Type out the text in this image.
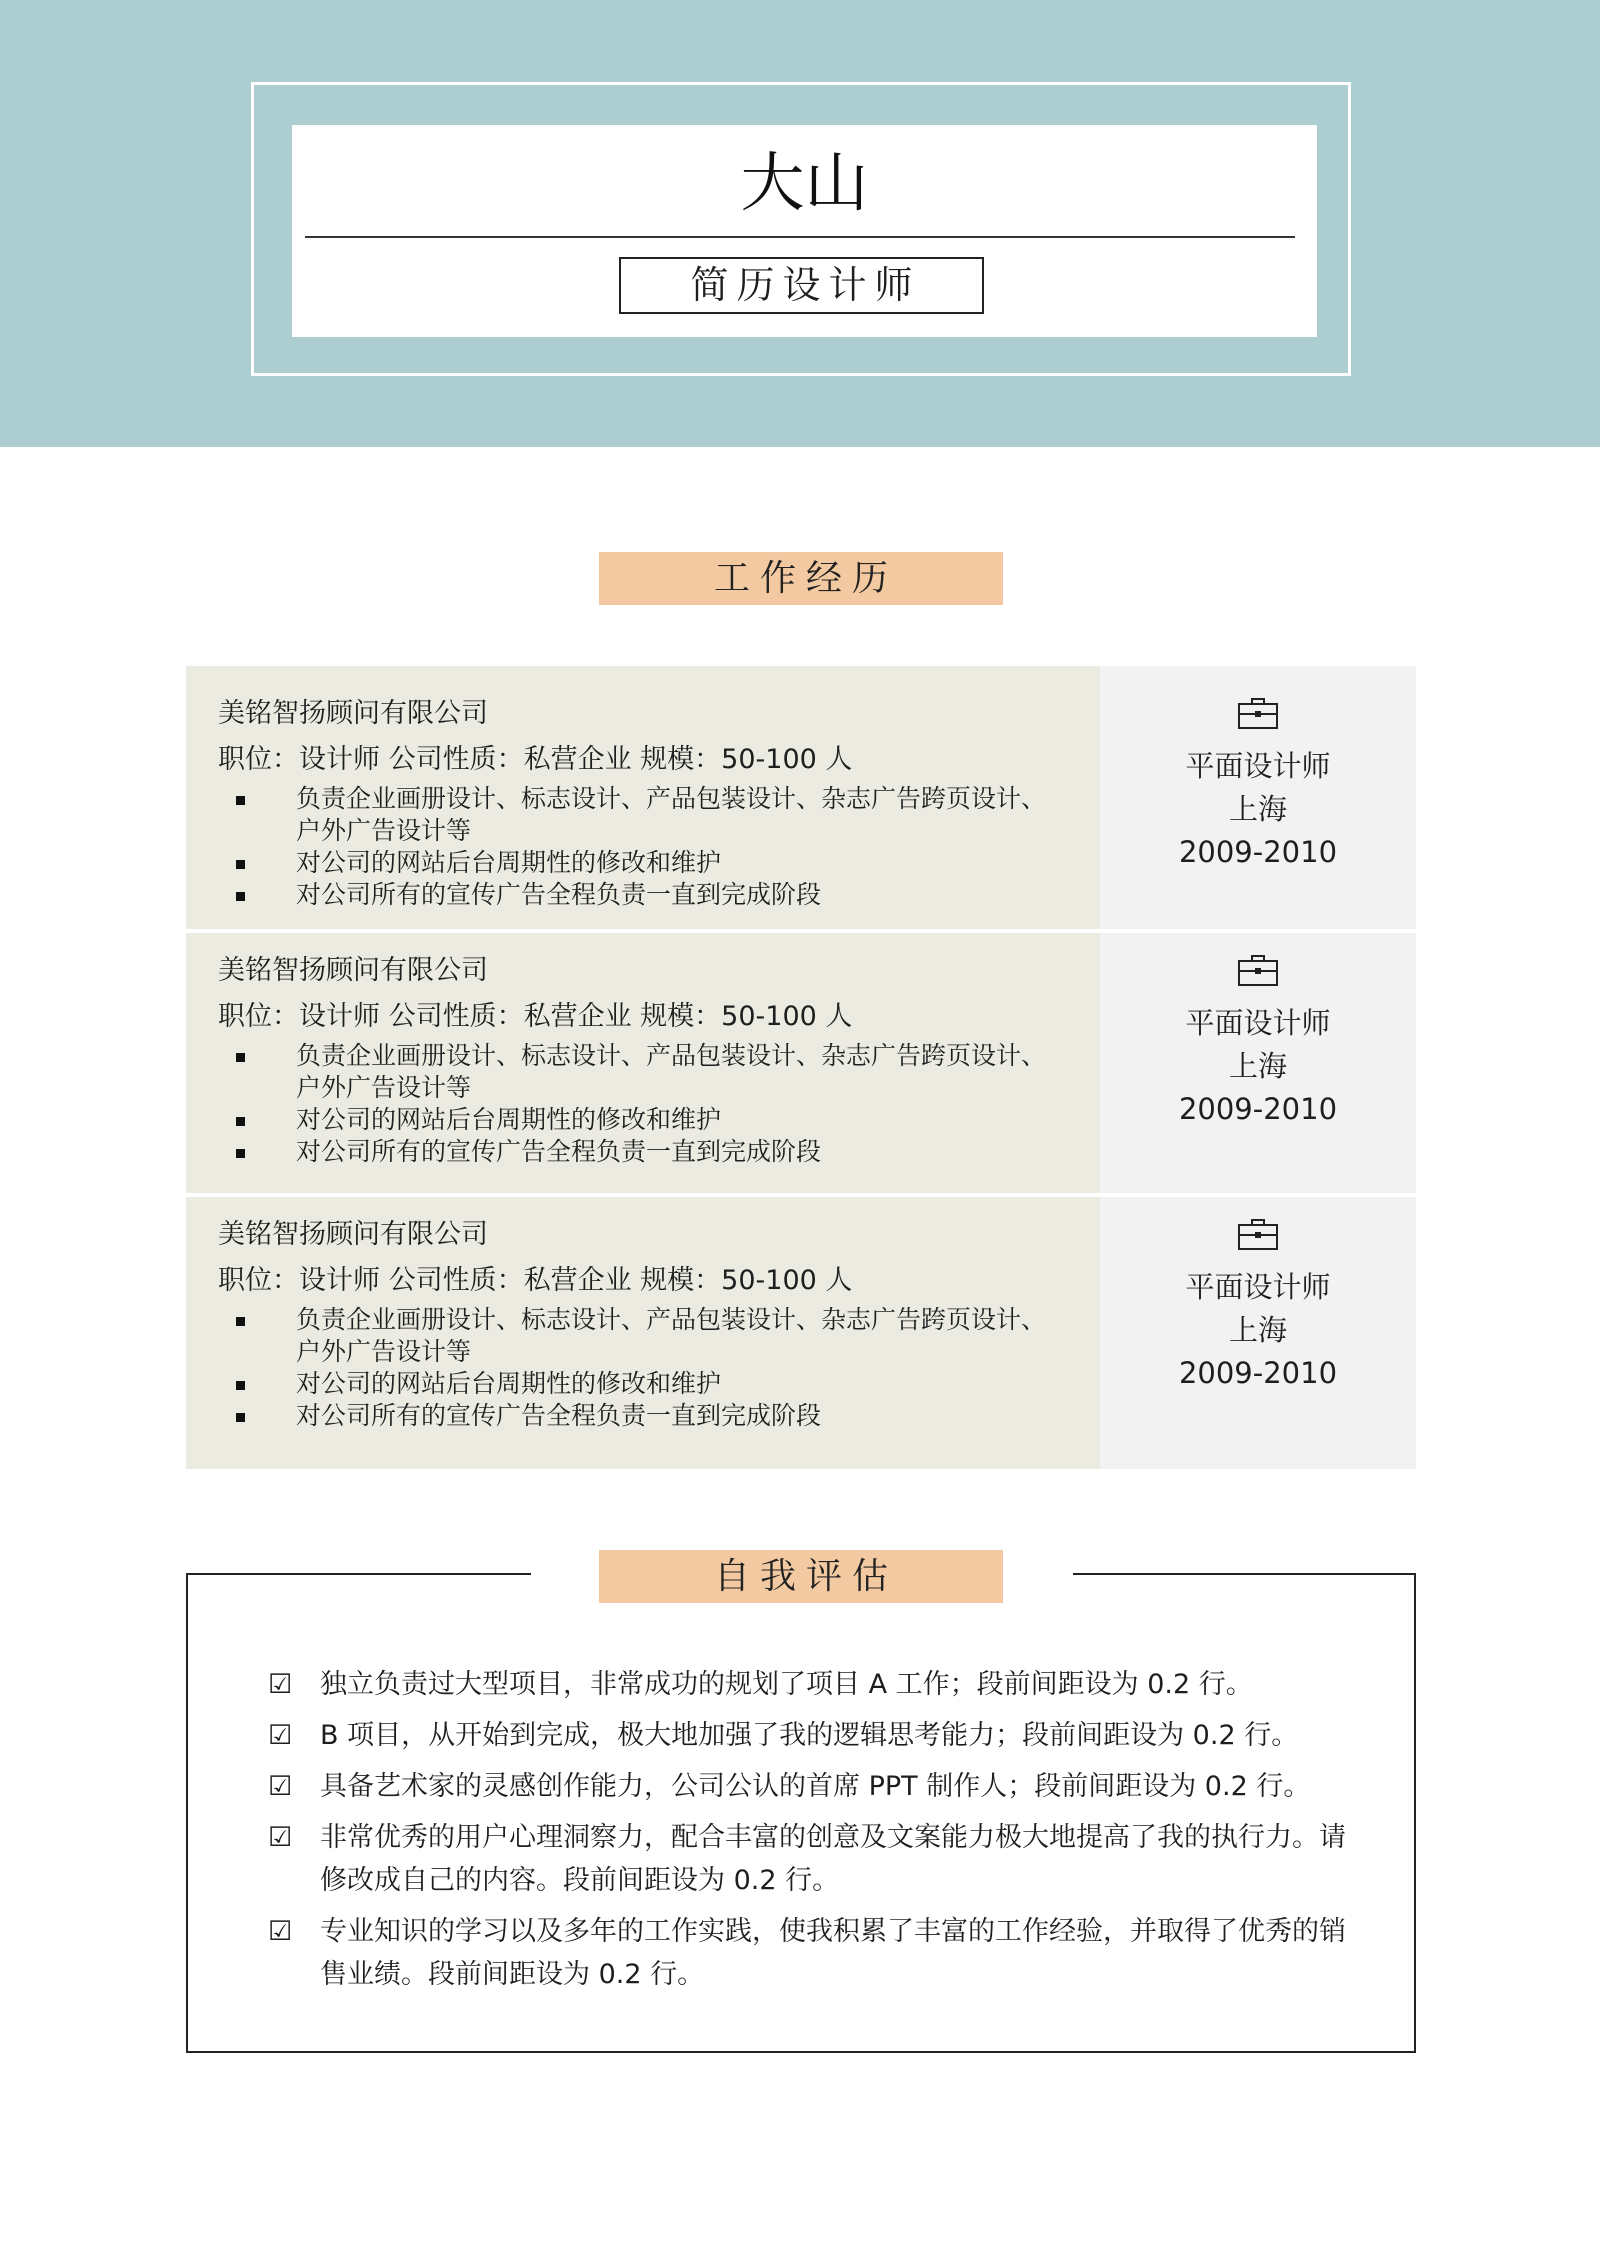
大山
简历设计师
工作经历
美铭智扬顾问有限公司
职位：设计师 公司性质：私营企业 规模：50-100 人
负责企业画册设计、标志设计、产品包装设计、杂志广告跨页设计、户外广告设计等
对公司的网站后台周期性的修改和维护
对公司所有的宣传广告全程负责一直到完成阶段
平面设计师
上海
2009-2010
美铭智扬顾问有限公司
职位：设计师 公司性质：私营企业 规模：50-100 人
负责企业画册设计、标志设计、产品包装设计、杂志广告跨页设计、户外广告设计等
对公司的网站后台周期性的修改和维护
对公司所有的宣传广告全程负责一直到完成阶段
平面设计师
上海
2009-2010
美铭智扬顾问有限公司
职位：设计师 公司性质：私营企业 规模：50-100 人
负责企业画册设计、标志设计、产品包装设计、杂志广告跨页设计、户外广告设计等
对公司的网站后台周期性的修改和维护
对公司所有的宣传广告全程负责一直到完成阶段
平面设计师
上海
2009-2010
自我评估
☑ 独立负责过大型项目，非常成功的规划了项目 A 工作；段前间距设为 0.2 行。
☑ B 项目，从开始到完成，极大地加强了我的逻辑思考能力；段前间距设为 0.2 行。
☑ 具备艺术家的灵感创作能力，公司公认的首席 PPT 制作人；段前间距设为 0.2 行。
☑ 非常优秀的用户心理洞察力，配合丰富的创意及文案能力极大地提高了我的执行力。请修改成自己的内容。段前间距设为 0.2 行。
☑ 专业知识的学习以及多年的工作实践，使我积累了丰富的工作经验，并取得了优秀的销售业绩。段前间距设为 0.2 行。
